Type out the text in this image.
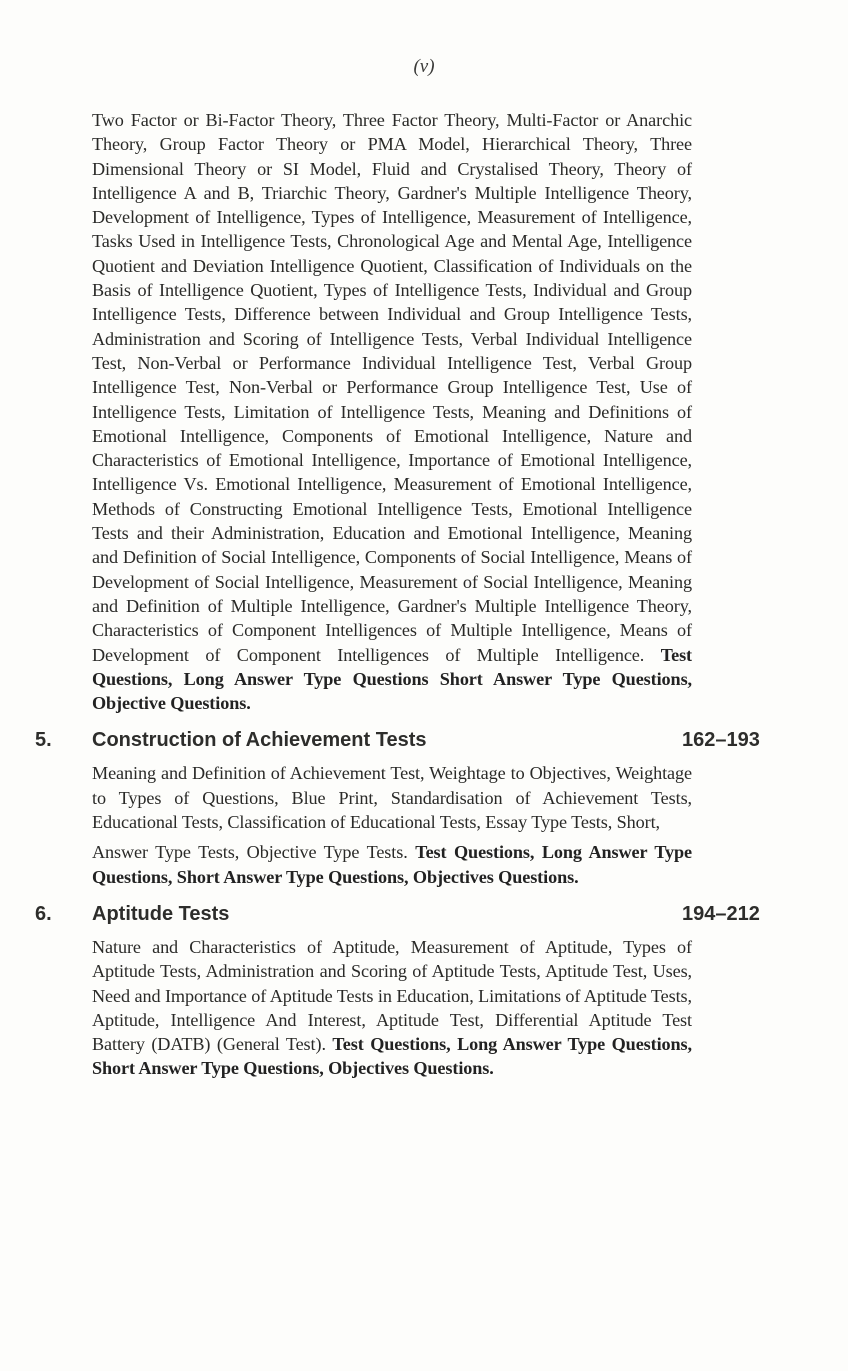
(v)

Two Factor or Bi-Factor Theory, Three Factor Theory, Multi-Factor or Anarchic Theory, Group Factor Theory or PMA Model, Hierarchical Theory, Three Dimensional Theory or SI Model, Fluid and Crystalised Theory, Theory of Intelligence A and B, Triarchic Theory, Gardner's Multiple Intelligence Theory, Development of Intelligence, Types of Intelligence, Measurement of Intelligence, Tasks Used in Intelligence Tests, Chronological Age and Mental Age, Intelligence Quotient and Deviation Intelligence Quotient, Classification of Individuals on the Basis of Intelligence Quotient, Types of Intelligence Tests, Individual and Group Intelligence Tests, Difference between Individual and Group Intelligence Tests, Administration and Scoring of Intelligence Tests, Verbal Individual Intelligence Test, Non-Verbal or Performance Individual Intelligence Test, Verbal Group Intelligence Test, Non-Verbal or Performance Group Intelligence Test, Use of Intelligence Tests, Limitation of Intelligence Tests, Meaning and Definitions of Emotional Intelligence, Components of Emotional Intelligence, Nature and Characteristics of Emotional Intelligence, Importance of Emotional Intelligence, Intelligence Vs. Emotional Intelligence, Measurement of Emotional Intelligence, Methods of Constructing Emotional Intelligence Tests, Emotional Intelligence Tests and their Administration, Education and Emotional Intelligence, Meaning and Definition of Social Intelligence, Components of Social Intelligence, Means of Development of Social Intelligence, Measurement of Social Intelligence, Meaning and Definition of Multiple Intelligence, Gardner's Multiple Intelligence Theory, Characteristics of Component Intelligences of Multiple Intelligence, Means of Development of Component Intelligences of Multiple Intelligence. Test Questions, Long Answer Type Questions Short Answer Type Questions, Objective Questions.

5. Construction of Achievement Tests	162–193

Meaning and Definition of Achievement Test, Weightage to Objectives, Weightage to Types of Questions, Blue Print, Standardisation of Achievement Tests, Educational Tests, Classification of Educational Tests, Essay Type Tests, Short,

Answer Type Tests, Objective Type Tests. Test Questions, Long Answer Type Questions, Short Answer Type Questions, Objectives Questions.

6. Aptitude Tests	194–212

Nature and Characteristics of Aptitude, Measurement of Aptitude, Types of Aptitude Tests, Administration and Scoring of Aptitude Tests, Aptitude Test, Uses, Need and Importance of Aptitude Tests in Education, Limitations of Aptitude Tests, Aptitude, Intelligence And Interest, Aptitude Test, Differential Aptitude Test Battery (DATB) (General Test). Test Questions, Long Answer Type Questions, Short Answer Type Questions, Objectives Questions.
